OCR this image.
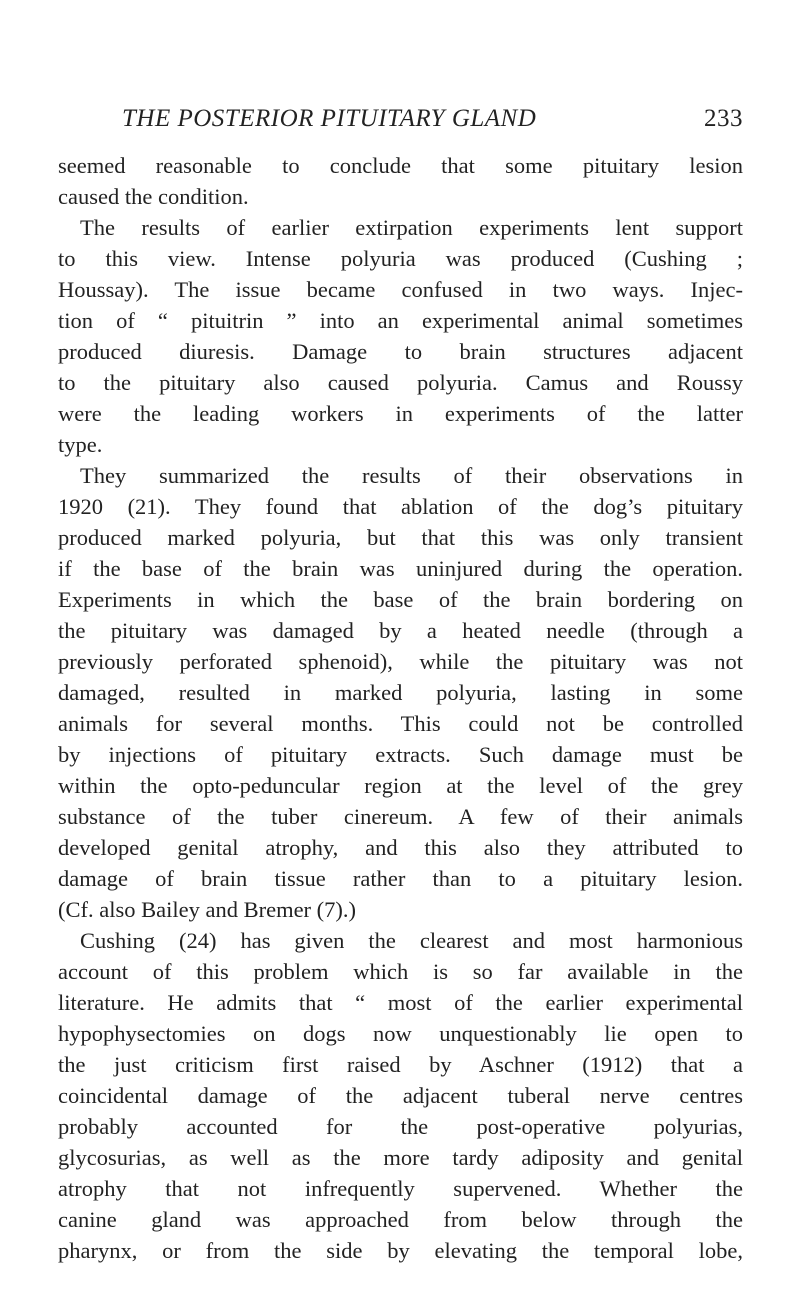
THE POSTERIOR PITUITARY GLAND	233
seemed reasonable to conclude that some pituitary lesion
caused the condition.
The results of earlier extirpation experiments lent support
to this view. Intense polyuria was produced (Cushing ;
Houssay). The issue became confused in two ways. Injec-
tion of “ pituitrin ” into an experimental animal sometimes
produced diuresis. Damage to brain structures adjacent
to the pituitary also caused polyuria. Camus and Roussy
were the leading workers in experiments of the latter
type.
They summarized the results of their observations in
1920 (21). They found that ablation of the dog’s pituitary
produced marked polyuria, but that this was only transient
if the base of the brain was uninjured during the operation.
Experiments in which the base of the brain bordering on
the pituitary was damaged by a heated needle (through a
previously perforated sphenoid), while the pituitary was not
damaged, resulted in marked polyuria, lasting in some
animals for several months. This could not be controlled
by injections of pituitary extracts. Such damage must be
within the opto-peduncular region at the level of the grey
substance of the tuber cinereum. A few of their animals
developed genital atrophy, and this also they attributed to
damage of brain tissue rather than to a pituitary lesion.
(Cf. also Bailey and Bremer (7).)
Cushing (24) has given the clearest and most harmonious
account of this problem which is so far available in the
literature. He admits that “ most of the earlier experimental
hypophysectomies on dogs now unquestionably lie open to
the just criticism first raised by Aschner (1912) that a
coincidental damage of the adjacent tuberal nerve centres
probably accounted for the post-operative polyurias,
glycosurias, as well as the more tardy adiposity and genital
atrophy that not infrequently supervened. Whether the
canine gland was approached from below through the
pharynx, or from the side by elevating the temporal lobe,
